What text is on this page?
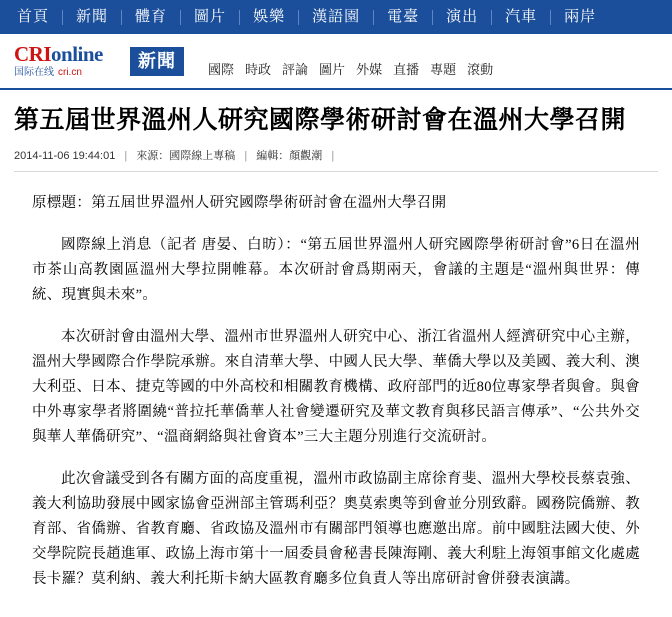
首頁	新聞	體育	圖片	娛樂	漢語園	電臺	演出	汽車	兩岸
CRIonline
国际在线 cri.cn
新聞	國際 時政 評論 圖片 外媒 直播 專題 滾動
第五屆世界溫州人研究國際學術研討會在溫州大學召開
2014-11-06 19:44:01 | 來源：國際線上專稿 | 編輯：顏觀潮 |

原標題：第五屆世界溫州人研究國際學術研討會在溫州大學召開

國際線上消息（記者 唐晏、白昉）：“第五屆世界溫州人研究國際學術研討會”6日在溫州市茶山高教園區溫州大學拉開帷幕。本次研討會爲期兩天，會議的主題是“溫州與世界：傳統、現實與未來”。

本次研討會由溫州大學、溫州市世界溫州人研究中心、浙江省溫州人經濟研究中心主辦，溫州大學國際合作學院承辦。來自清華大學、中國人民大學、華僑大學以及美國、義大利、澳大利亞、日本、捷克等國的中外高校和相關教育機構、政府部門的近80位專家學者與會。與會中外專家學者將圍繞“普拉托華僑華人社會變遷研究及華文教育與移民語言傳承”、“公共外交與華人華僑研究”、“溫商網絡與社會資本”三大主題分別進行交流研討。

此次會議受到各有關方面的高度重視，溫州市政協副主席徐育斐、溫州大學校長蔡袁強、義大利協助發展中國家協會亞洲部主管瑪利亞？奧莫索奧等到會並分別致辭。國務院僑辦、教育部、省僑辦、省教育廳、省政協及溫州市有關部門領導也應邀出席。前中國駐法國大使、外交學院院長趙進軍、政協上海市第十一屆委員會秘書長陳海剛、義大利駐上海領事館文化處處長卡羅？莫利納、義大利托斯卡納大區教育廳多位負責人等出席研討會併發表演講。
